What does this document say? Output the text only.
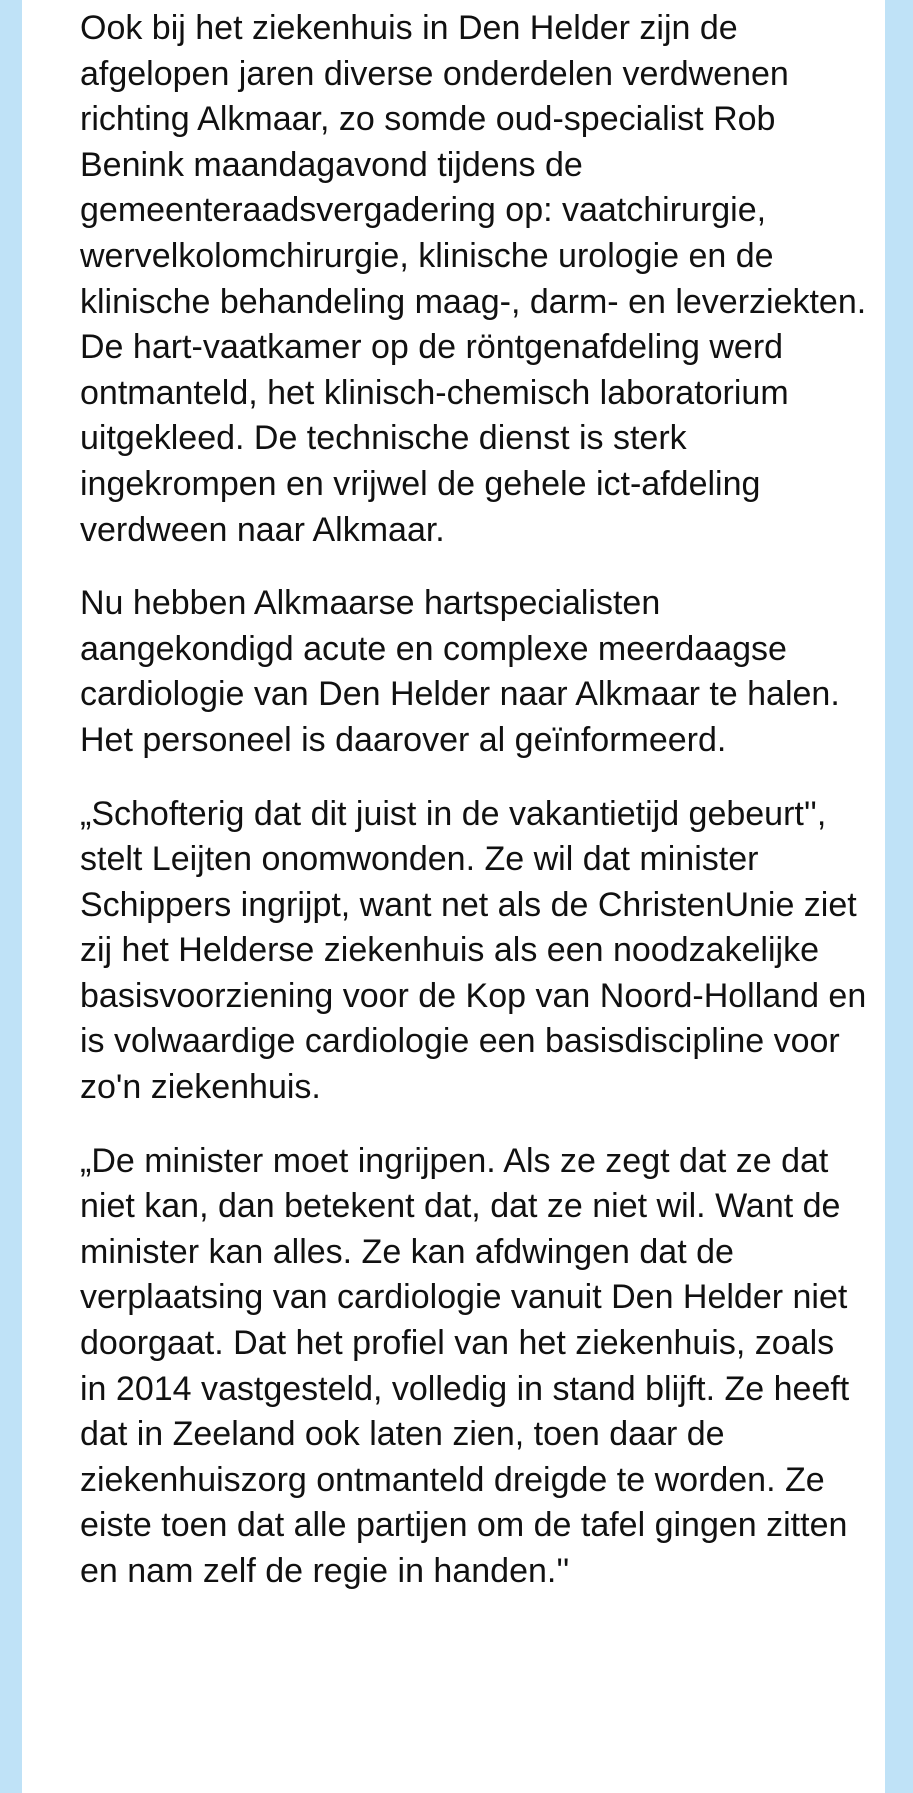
Ook bij het ziekenhuis in Den Helder zijn de afgelopen jaren diverse onderdelen verdwenen richting Alkmaar, zo somde oud-specialist Rob Benink maandagavond tijdens de gemeenteraadsvergadering op: vaatchirurgie, wervelkolomchirurgie, klinische urologie en de klinische behandeling maag-, darm- en leverziekten. De hart-vaatkamer op de röntgenafdeling werd ontmanteld, het klinisch-chemisch laboratorium uitgekleed. De technische dienst is sterk ingekrompen en vrijwel de gehele ict-afdeling verdween naar Alkmaar.

Nu hebben Alkmaarse hartspecialisten aangekondigd acute en complexe meerdaagse cardiologie van Den Helder naar Alkmaar te halen. Het personeel is daarover al geïnformeerd.

„Schofterig dat dit juist in de vakantietijd gebeurt'', stelt Leijten onomwonden. Ze wil dat minister Schippers ingrijpt, want net als de ChristenUnie ziet zij het Helderse ziekenhuis als een noodzakelijke basisvoorziening voor de Kop van Noord-Holland en is volwaardige cardiologie een basisdiscipline voor zo'n ziekenhuis.

„De minister moet ingrijpen. Als ze zegt dat ze dat niet kan, dan betekent dat, dat ze niet wil. Want de minister kan alles. Ze kan afdwingen dat de verplaatsing van cardiologie vanuit Den Helder niet doorgaat. Dat het profiel van het ziekenhuis, zoals in 2014 vastgesteld, volledig in stand blijft. Ze heeft dat in Zeeland ook laten zien, toen daar de ziekenhuiszorg ontmanteld dreigde te worden. Ze eiste toen dat alle partijen om de tafel gingen zitten en nam zelf de regie in handen.''
